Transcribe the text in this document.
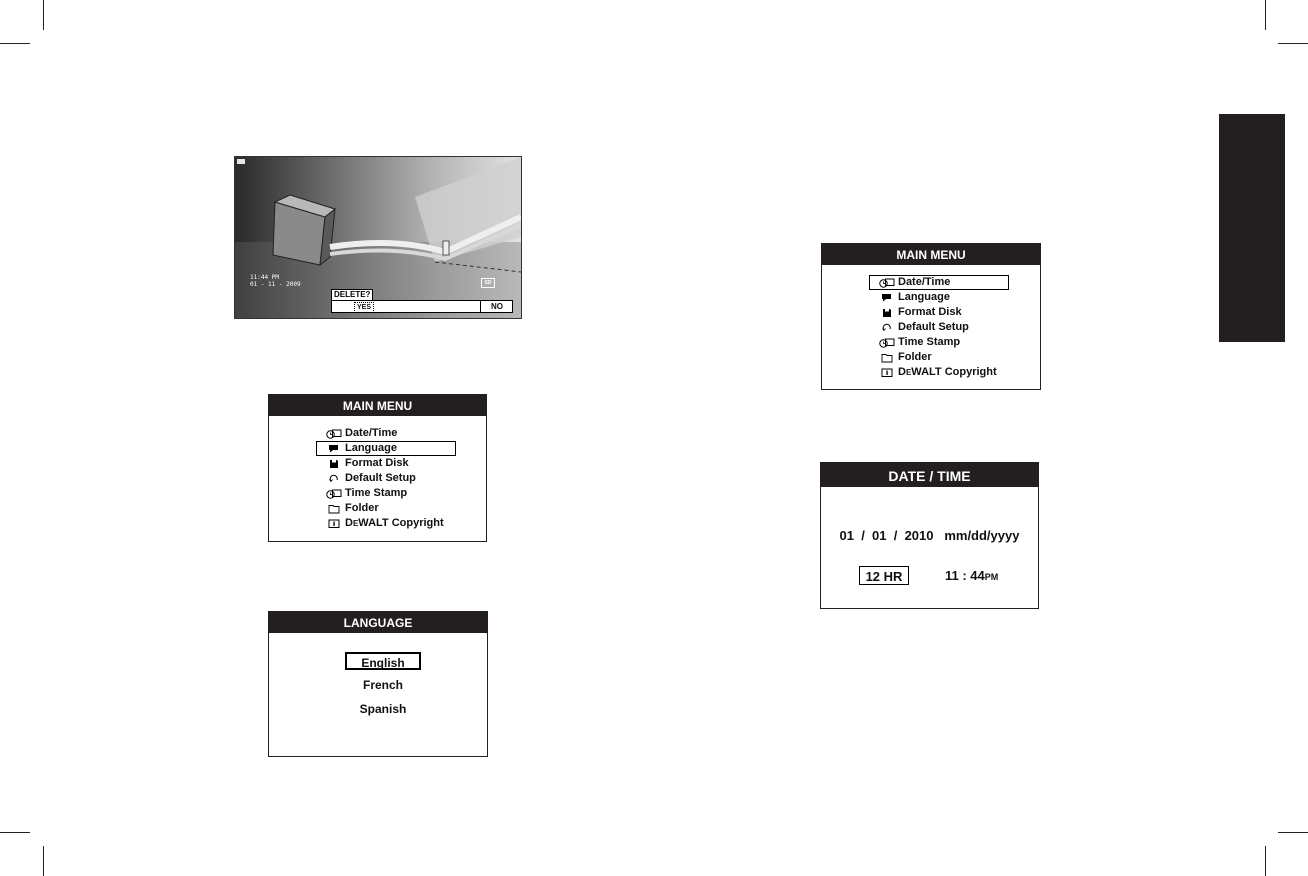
11:44 PM
01 - 11 - 2009	SD
DELETE?
YES	NO
MAIN MENU
Date/Time
Language
Format Disk
Default Setup
Time Stamp
Folder
DEWALT Copyright
LANGUAGE
English
French
Spanish
MAIN MENU
Date/Time
Language
Format Disk
Default Setup
Time Stamp
Folder
DEWALT Copyright
DATE / TIME
01  /  01  /  2010   mm/dd/yyyy
12 HR	11 : 44PM
